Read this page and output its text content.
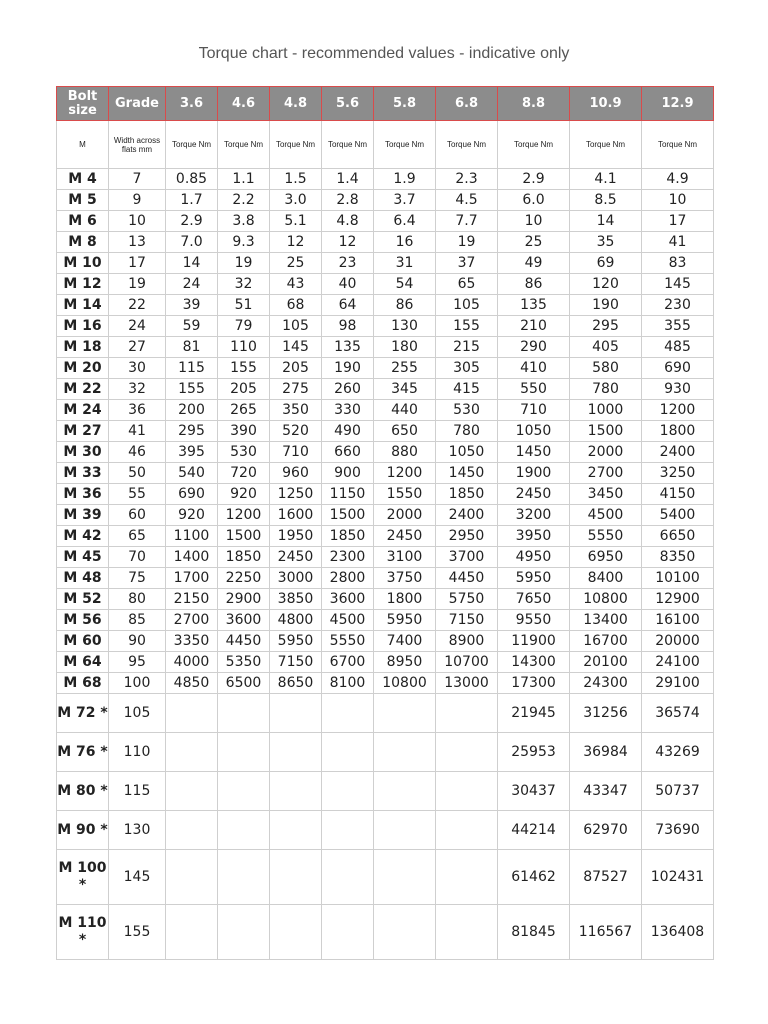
Torque chart - recommended values - indicative only
Bolt size	Grade	3.6	4.6	4.8	5.6	5.8	6.8	8.8	10.9	12.9
M	Width across flats mm	Torque Nm	Torque Nm	Torque Nm	Torque Nm	Torque Nm	Torque Nm	Torque Nm	Torque Nm	Torque Nm
M 4	7	0.85	1.1	1.5	1.4	1.9	2.3	2.9	4.1	4.9
M 5	9	1.7	2.2	3.0	2.8	3.7	4.5	6.0	8.5	10
M 6	10	2.9	3.8	5.1	4.8	6.4	7.7	10	14	17
M 8	13	7.0	9.3	12	12	16	19	25	35	41
M 10	17	14	19	25	23	31	37	49	69	83
M 12	19	24	32	43	40	54	65	86	120	145
M 14	22	39	51	68	64	86	105	135	190	230
M 16	24	59	79	105	98	130	155	210	295	355
M 18	27	81	110	145	135	180	215	290	405	485
M 20	30	115	155	205	190	255	305	410	580	690
M 22	32	155	205	275	260	345	415	550	780	930
M 24	36	200	265	350	330	440	530	710	1000	1200
M 27	41	295	390	520	490	650	780	1050	1500	1800
M 30	46	395	530	710	660	880	1050	1450	2000	2400
M 33	50	540	720	960	900	1200	1450	1900	2700	3250
M 36	55	690	920	1250	1150	1550	1850	2450	3450	4150
M 39	60	920	1200	1600	1500	2000	2400	3200	4500	5400
M 42	65	1100	1500	1950	1850	2450	2950	3950	5550	6650
M 45	70	1400	1850	2450	2300	3100	3700	4950	6950	8350
M 48	75	1700	2250	3000	2800	3750	4450	5950	8400	10100
M 52	80	2150	2900	3850	3600	1800	5750	7650	10800	12900
M 56	85	2700	3600	4800	4500	5950	7150	9550	13400	16100
M 60	90	3350	4450	5950	5550	7400	8900	11900	16700	20000
M 64	95	4000	5350	7150	6700	8950	10700	14300	20100	24100
M 68	100	4850	6500	8650	8100	10800	13000	17300	24300	29100
M 72 *	105							21945	31256	36574
M 76 *	110							25953	36984	43269
M 80 *	115							30437	43347	50737
M 90 *	130							44214	62970	73690
M 100 *	145							61462	87527	102431
M 110 *	155							81845	116567	136408
